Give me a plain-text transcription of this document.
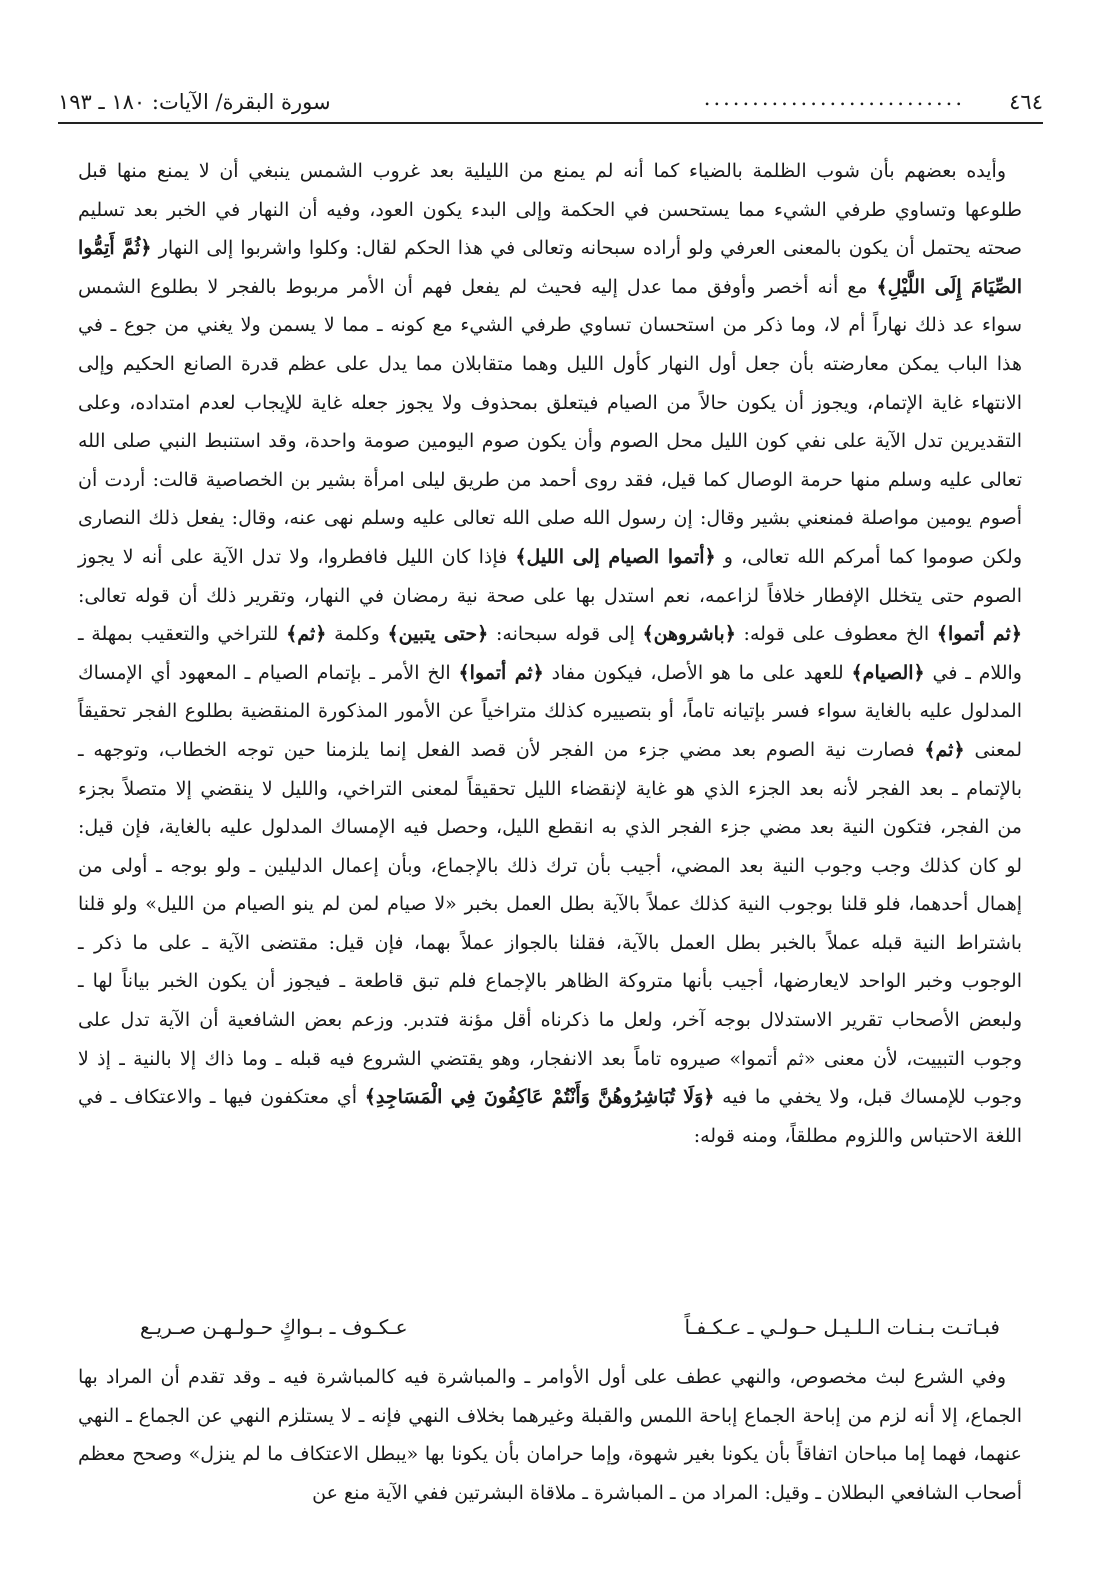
٤٦٤
...........................
سورة البقرة/ الآيات: ١٨٠ ـ ١٩٣

وأيده بعضهم بأن شوب الظلمة بالضياء كما أنه لم يمنع من الليلية بعد غروب الشمس ينبغي أن لا يمنع منها قبل طلوعها وتساوي طرفي الشيء مما يستحسن في الحكمة وإلى البدء يكون العود، وفيه أن النهار في الخبر بعد تسليم صحته يحتمل أن يكون بالمعنى العرفي ولو أراده سبحانه وتعالى في هذا الحكم لقال: وكلوا واشربوا إلى النهار ﴿ثُمَّ أَتِمُّوا الصِّيَامَ إِلَى اللَّيْلِ﴾ مع أنه أخصر وأوفق مما عدل إليه فحيث لم يفعل فهم أن الأمر مربوط بالفجر لا بطلوع الشمس سواء عد ذلك نهاراً أم لا، وما ذكر من استحسان تساوي طرفي الشيء مع كونه ـ مما لا يسمن ولا يغني من جوع ـ في هذا الباب يمكن معارضته بأن جعل أول النهار كأول الليل وهما متقابلان مما يدل على عظم قدرة الصانع الحكيم وإلى الانتهاء غاية الإتمام، ويجوز أن يكون حالاً من الصيام فيتعلق بمحذوف ولا يجوز جعله غاية للإيجاب لعدم امتداده، وعلى التقديرين تدل الآية على نفي كون الليل محل الصوم وأن يكون صوم اليومين صومة واحدة، وقد استنبط النبي صلى الله تعالى عليه وسلم منها حرمة الوصال كما قيل، فقد روى أحمد من طريق ليلى امرأة بشير بن الخصاصية قالت: أردت أن أصوم يومين مواصلة فمنعني بشير وقال: إن رسول الله صلى الله تعالى عليه وسلم نهى عنه، وقال: يفعل ذلك النصارى ولكن صوموا كما أمركم الله تعالى، و ﴿أتموا الصيام إلى الليل﴾ فإذا كان الليل فافطروا، ولا تدل الآية على أنه لا يجوز الصوم حتى يتخلل الإفطار خلافاً لزاعمه، نعم استدل بها على صحة نية رمضان في النهار، وتقرير ذلك أن قوله تعالى: ﴿ثم أتموا﴾ الخ معطوف على قوله: ﴿باشروهن﴾ إلى قوله سبحانه: ﴿حتى يتبين﴾ وكلمة ﴿ثم﴾ للتراخي والتعقيب بمهلة ـ واللام ـ في ﴿الصيام﴾ للعهد على ما هو الأصل، فيكون مفاد ﴿ثم أتموا﴾ الخ الأمر ـ بإتمام الصيام ـ المعهود أي الإمساك المدلول عليه بالغاية سواء فسر بإتيانه تاماً، أو بتصييره كذلك متراخياً عن الأمور المذكورة المنقضية بطلوع الفجر تحقيقاً لمعنى ﴿ثم﴾ فصارت نية الصوم بعد مضي جزء من الفجر لأن قصد الفعل إنما يلزمنا حين توجه الخطاب، وتوجهه ـ بالإتمام ـ بعد الفجر لأنه بعد الجزء الذي هو غاية لإنقضاء الليل تحقيقاً لمعنى التراخي، والليل لا ينقضي إلا متصلاً بجزء من الفجر، فتكون النية بعد مضي جزء الفجر الذي به انقطع الليل، وحصل فيه الإمساك المدلول عليه بالغاية، فإن قيل: لو كان كذلك وجب وجوب النية بعد المضي، أجيب بأن ترك ذلك بالإجماع، وبأن إعمال الدليلين ـ ولو بوجه ـ أولى من إهمال أحدهما، فلو قلنا بوجوب النية كذلك عملاً بالآية بطل العمل بخبر «لا صيام لمن لم ينو الصيام من الليل» ولو قلنا باشتراط النية قبله عملاً بالخبر بطل العمل بالآية، فقلنا بالجواز عملاً بهما، فإن قيل: مقتضى الآية ـ على ما ذكر ـ الوجوب وخبر الواحد لايعارضها، أجيب بأنها متروكة الظاهر بالإجماع فلم تبق قاطعة ـ فيجوز أن يكون الخبر بياناً لها ـ ولبعض الأصحاب تقرير الاستدلال بوجه آخر، ولعل ما ذكرناه أقل مؤنة فتدبر. وزعم بعض الشافعية أن الآية تدل على وجوب التبييت، لأن معنى «ثم أتموا» صيروه تاماً بعد الانفجار، وهو يقتضي الشروع فيه قبله ـ وما ذاك إلا بالنية ـ إذ لا وجوب للإمساك قبل، ولا يخفي ما فيه ﴿وَلَا تُبَاشِرُوهُنَّ وَأَنْتُمْ عَاكِفُونَ فِي الْمَسَاجِدِ﴾ أي معتكفون فيها ـ والاعتكاف ـ في اللغة الاحتباس واللزوم مطلقاً، ومنه قوله:

فبـاتـت بـنـات الـلـيـل حـولـي ـ عـكـفـاً
عـكـوف ـ بـواكٍ حـولـهـن صـريـع

وفي الشرع لبث مخصوص، والنهي عطف على أول الأوامر ـ والمباشرة فيه كالمباشرة فيه ـ وقد تقدم أن المراد بها الجماع، إلا أنه لزم من إباحة الجماع إباحة اللمس والقبلة وغيرهما بخلاف النهي فإنه ـ لا يستلزم النهي عن الجماع ـ النهي عنهما، فهما إما مباحان اتفاقاً بأن يكونا بغير شهوة، وإما حرامان بأن يكونا بها «يبطل الاعتكاف ما لم ينزل» وصحح معظم أصحاب الشافعي البطلان ـ وقيل: المراد من ـ المباشرة ـ ملاقاة البشرتين ففي الآية منع عن
